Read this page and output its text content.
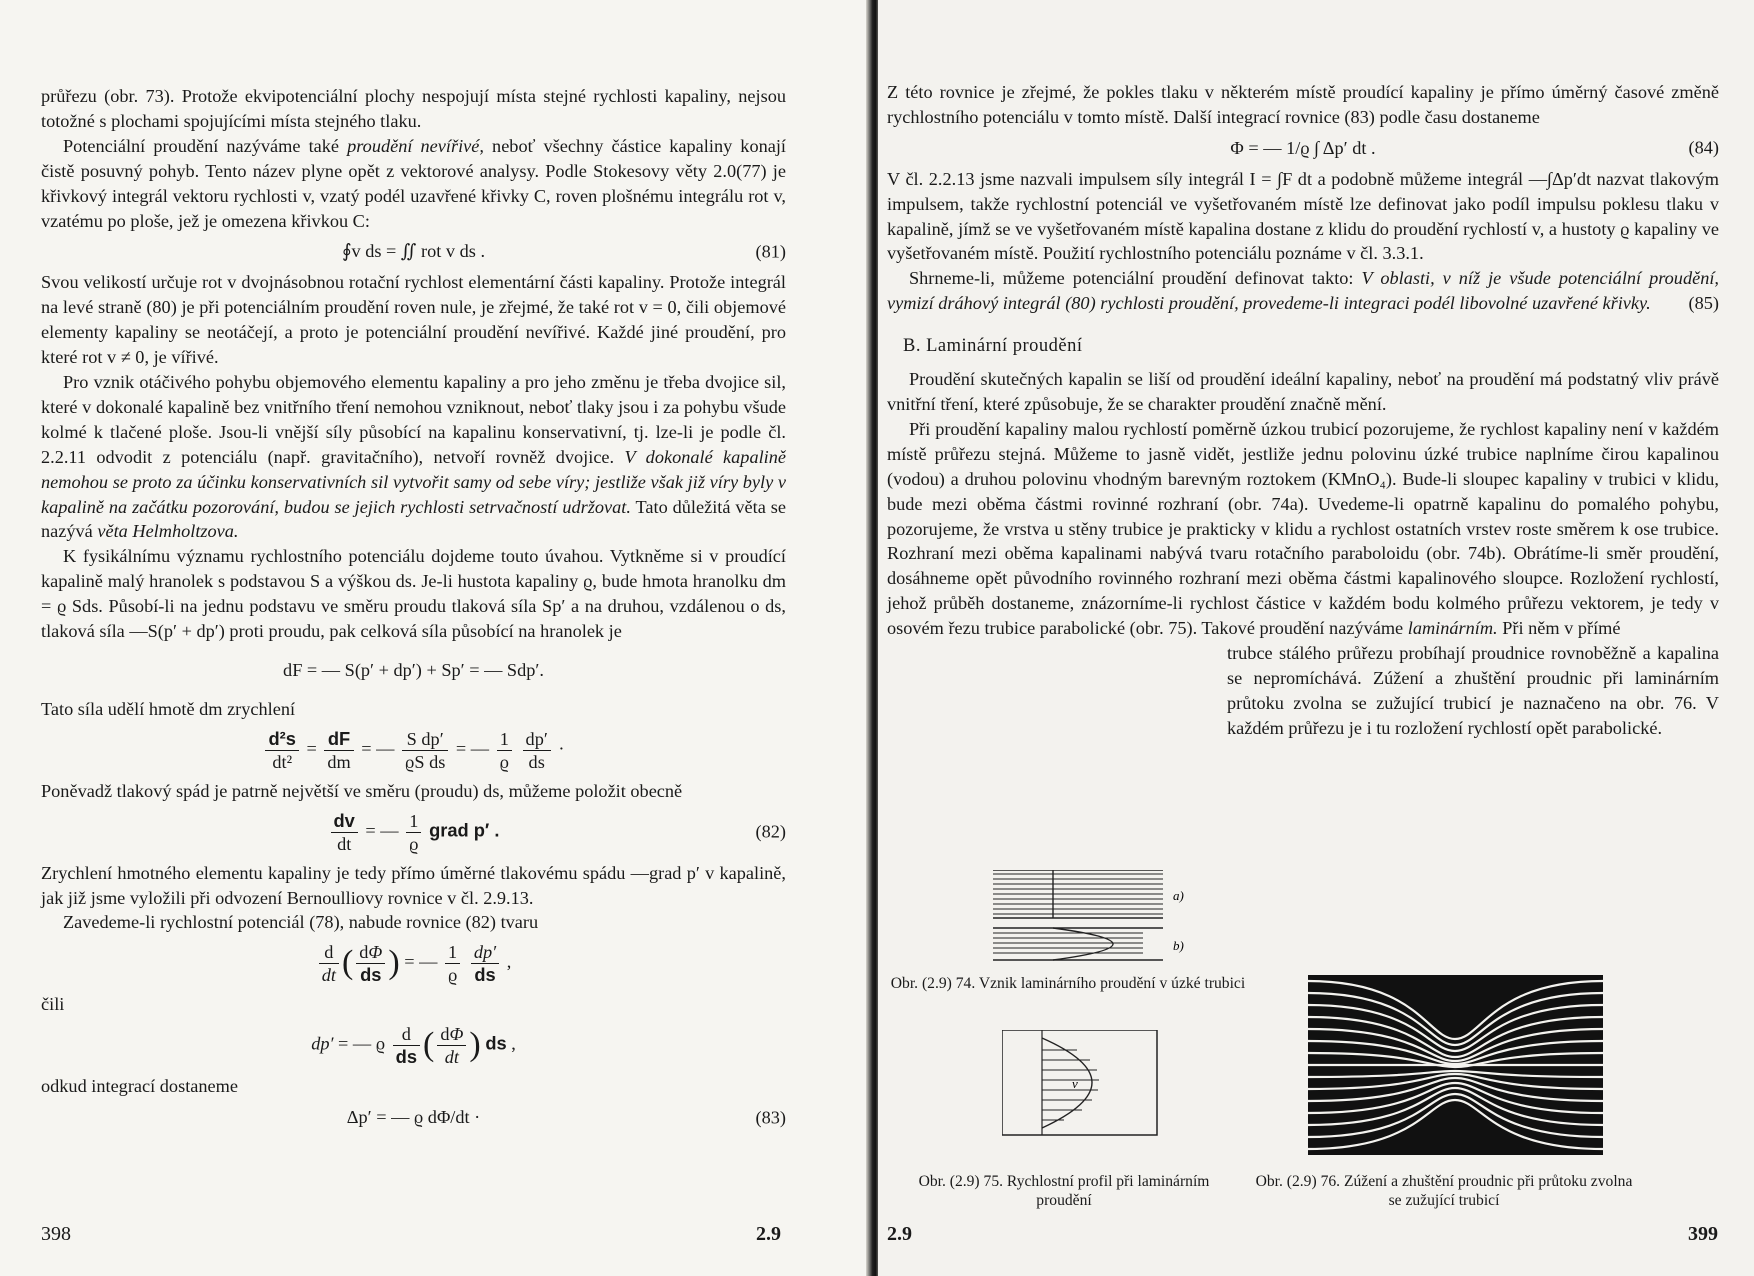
průřezu (obr. 73). Protože ekvipotenciální plochy nespojují místa stejné rychlosti kapaliny, nejsou totožné s plochami spojujícími místa stejného tlaku.

Potenciální proudění nazýváme také proudění nevířivé, neboť všechny částice kapaliny konají čistě posuvný pohyb. Tento název plyne opět z vektorové analysy. Podle Stokesovy věty 2.0(77) je křivkový integrál vektoru rychlosti v, vzatý podél uzavřené křivky C, roven plošnému integrálu rot v, vzatému po ploše, jež je omezena křivkou C:

∮v ds = ∬ rot v ds .	(81)

Svou velikostí určuje rot v dvojnásobnou rotační rychlost elementární části kapaliny. Protože integrál na levé straně (80) je při potenciálním proudění roven nule, je zřejmé, že také rot v = 0, čili objemové elementy kapaliny se neotáčejí, a proto je potenciální proudění nevířivé. Každé jiné proudění, pro které rot v ≠ 0, je vířivé.

Pro vznik otáčivého pohybu objemového elementu kapaliny a pro jeho změnu je třeba dvojice sil, které v dokonalé kapalině bez vnitřního tření nemohou vzniknout, neboť tlaky jsou i za pohybu všude kolmé k tlačené ploše. Jsou-li vnější síly působící na kapalinu konservativní, tj. lze-li je podle čl. 2.2.11 odvodit z potenciálu (např. gravitačního), netvoří rovněž dvojice. V dokonalé kapalině nemohou se proto za účinku konservativních sil vytvořit samy od sebe víry; jestliže však již víry byly v kapalině na začátku pozorování, budou se jejich rychlosti setrvačností udržovat. Tato důležitá věta se nazývá věta Helmholtzova.

K fysikálnímu významu rychlostního potenciálu dojdeme touto úvahou. Vytkněme si v proudící kapalině malý hranolek s podstavou S a výškou ds. Je-li hustota kapaliny ϱ, bude hmota hranolku dm = ϱ Sds. Působí-li na jednu podstavu ve směru proudu tlaková síla Sp′ a na druhou, vzdálenou o ds, tlaková síla —S(p′ + dp′) proti proudu, pak celková síla působící na hranolek je

dF = — S(p′ + dp′) + Sp′ = — Sdp′.

Tato síla udělí hmotě dm zrychlení

$\frac{\text{d²s}}{\text{dt²}} = \frac{dF}{dm}$ = — $\frac{\text{S dp′}}{\text{ϱS ds}}$ = — $\frac{1}{ϱ}$
$\frac{dp'}{ds}$ ·

Poněvadž tlakový spád je patrně největší ve směru (proudu) ds, můžeme položit obecně

$\frac{dv}{dt}$ = — $\frac{1}{ϱ}$ grad p′ .	(82)

Zrychlení hmotného elementu kapaliny je tedy přímo úměrné tlakovému spádu —grad p′ v kapalině, jak již jsme vyložili při odvození Bernoulliovy rovnice v čl. 2.9.13.

Zavedeme-li rychlostní potenciál (78), nabude rovnice (82) tvaru

$\frac{d}{dt}$ ( $\frac{d\Phi}{ds}$ ) = — $\frac{1}{ϱ}$
$\frac{dp'}{ds}$ ,

čili

dp′ = — ϱ $\frac{d}{ds}$ ( $\frac{d\Phi}{dt}$ ) ds ,

odkud integrací dostaneme

Δp′ = — ϱ dΦ/dt ·	(83)
398	2.9

Z této rovnice je zřejmé, že pokles tlaku v některém místě proudící kapaliny je přímo úměrný časové změně rychlostního potenciálu v tomto místě. Další integrací rovnice (83) podle času dostaneme

Φ = — 1/ϱ ∫ Δp′ dt .	(84)

V čl. 2.2.13 jsme nazvali impulsem síly integrál I = ∫F dt a podobně můžeme integrál —∫Δp′dt nazvat tlakovým impulsem, takže rychlostní potenciál ve vyšetřovaném místě lze definovat jako podíl impulsu poklesu tlaku v kapalině, jímž se ve vyšetřovaném místě kapalina dostane z klidu do proudění rychlostí v, a hustoty ϱ kapaliny ve vyšetřovaném místě. Použití rychlostního potenciálu poznáme v čl. 3.3.1.

Shrneme-li, můžeme potenciální proudění definovat takto: V oblasti, v níž je všude potenciální proudění, vymizí dráhový integrál (80) rychlosti proudění, provedeme-li integraci podél libovolné uzavřené křivky.	(85)

B. Laminární proudění

Proudění skutečných kapalin se liší od proudění ideální kapaliny, neboť na proudění má podstatný vliv právě vnitřní tření, které způsobuje, že se charakter proudění značně mění.

Při proudění kapaliny malou rychlostí poměrně úzkou trubicí pozorujeme, že rychlost kapaliny není v každém místě průřezu stejná. Můžeme to jasně vidět, jestliže jednu polovinu úzké trubice naplníme čirou kapalinou (vodou) a druhou polovinu vhodným barevným roztokem (KMnO₄). Bude-li sloupec kapaliny v trubici v klidu, bude mezi oběma částmi rovinné rozhraní (obr. 74a). Uvedeme-li opatrně kapalinu do pomalého pohybu, pozorujeme, že vrstva u stěny trubice je prakticky v klidu a rychlost ostatních vrstev roste směrem k ose trubice. Rozhraní mezi oběma kapalinami nabývá tvaru rotačního paraboloidu (obr. 74b). Obrátíme-li směr proudění, dosáhneme opět původního rovinného rozhraní mezi oběma částmi kapalinového sloupce. Rozložení rychlostí, jehož průběh dostaneme, znázorníme-li rychlost částice v každém bodu kolmého průřezu vektorem, je tedy v osovém řezu trubice parabolické (obr. 75). Takové proudění nazýváme laminárním. Při něm v přímé

trubce stálého průřezu probíhají proudnice rovnoběžně a kapalina se nepromíchává. Zúžení a zhuštění proudnic při laminárním průtoku zvolna se zužující trubicí je naznačeno na obr. 76. V každém průřezu je i tu rozložení rychlostí opět parabolické.

a)
b)
Obr. (2.9) 74. Vznik laminárního proudění v úzké trubici
v
Obr. (2.9) 75. Rychlostní profil při laminárním proudění
Obr. (2.9) 76. Zúžení a zhuštění proudnic při průtoku zvolna se zužující trubicí
2.9	399
